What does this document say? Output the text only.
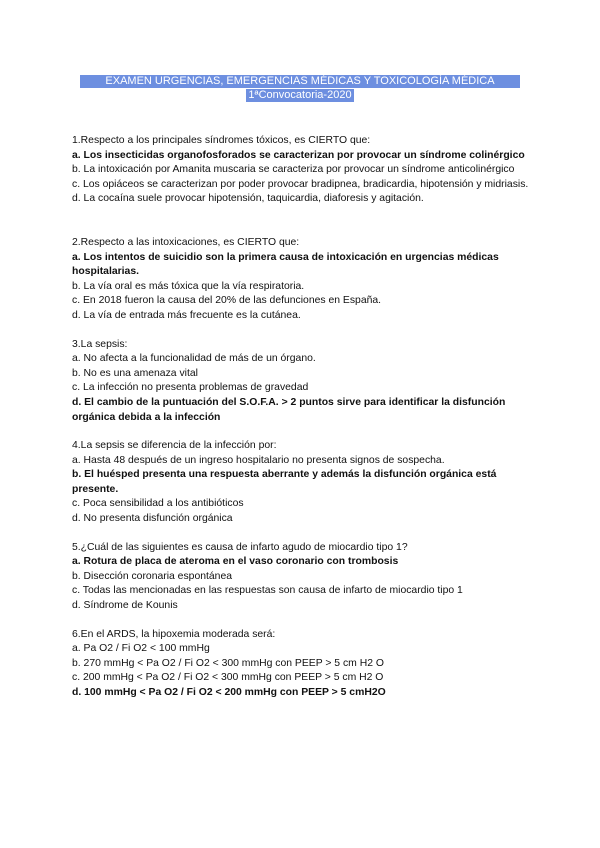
EXAMEN URGENCIAS, EMERGENCIAS MÉDICAS Y TOXICOLOGÍA MÉDICA
1ªConvocatoria-2020

1.Respecto a los principales síndromes tóxicos, es CIERTO que:

a. Los insecticidas organofosforados se caracterizan por provocar un síndrome colinérgico

b. La intoxicación por Amanita muscaria se caracteriza por provocar un síndrome anticolinérgico

c. Los opiáceos se caracterizan por poder provocar bradipnea, bradicardia, hipotensión y midriasis.

d. La cocaína suele provocar hipotensión, taquicardia, diaforesis y agitación.

2.Respecto a las intoxicaciones, es CIERTO que:

a. Los intentos de suicidio son la primera causa de intoxicación en urgencias médicas hospitalarias.

b. La vía oral es más tóxica que la vía respiratoria.

c. En 2018 fueron la causa del 20% de las defunciones en España.

d. La vía de entrada más frecuente es la cutánea.

3.La sepsis:

a. No afecta a la funcionalidad de más de un órgano.

b. No es una amenaza vital

c. La infección no presenta problemas de gravedad

d. El cambio de la puntuación del S.O.F.A. > 2 puntos sirve para identificar la disfunción orgánica debida a la infección

4.La sepsis se diferencia de la infección por:

a. Hasta 48 después de un ingreso hospitalario no presenta signos de sospecha.

b. El huésped presenta una respuesta aberrante y además la disfunción orgánica está presente.

c. Poca sensibilidad a los antibióticos

d. No presenta disfunción orgánica

5.¿Cuál de las siguientes es causa de infarto agudo de miocardio tipo 1?

a. Rotura de placa de ateroma en el vaso coronario con trombosis

b. Disección coronaria espontánea

c. Todas las mencionadas en las respuestas son causa de infarto de miocardio tipo 1

d. Síndrome de Kounis

6.En el ARDS, la hipoxemia moderada será:

a. Pa O2 / Fi O2 < 100 mmHg

b. 270 mmHg < Pa O2 / Fi O2 < 300 mmHg con PEEP > 5 cm H2 O

c. 200 mmHg < Pa O2 / Fi O2 < 300 mmHg con PEEP > 5 cm H2 O

d. 100 mmHg < Pa O2 / Fi O2 < 200 mmHg con PEEP > 5 cmH2O
